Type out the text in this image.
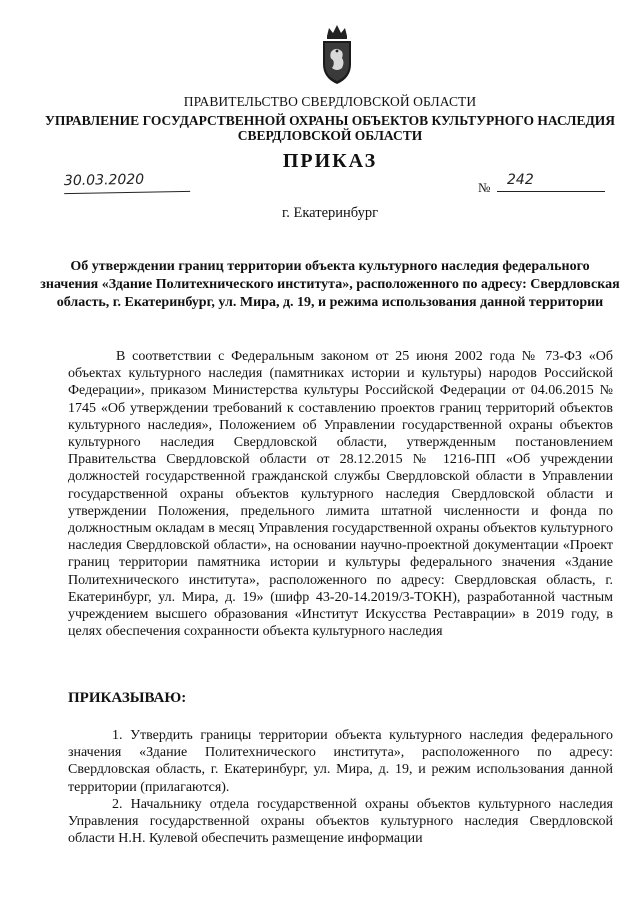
ПРАВИТЕЛЬСТВО СВЕРДЛОВСКОЙ ОБЛАСТИ
УПРАВЛЕНИЕ ГОСУДАРСТВЕННОЙ ОХРАНЫ ОБЪЕКТОВ КУЛЬТУРНОГО НАСЛЕДИЯ СВЕРДЛОВСКОЙ ОБЛАСТИ
ПРИКАЗ
30.03.2020	№	242
г. Екатеринбург
Об утверждении границ территории объекта культурного наследия федерального значения «Здание Политехнического института», расположенного по адресу: Свердловская область, г. Екатеринбург, ул. Мира, д. 19, и режима использования данной территории
В соответствии с Федеральным законом от 25 июня 2002 года № 73-ФЗ «Об объектах культурного наследия (памятниках истории и культуры) народов Российской Федерации», приказом Министерства культуры Российской Федерации от 04.06.2015 № 1745 «Об утверждении требований к составлению проектов границ территорий объектов культурного наследия», Положением об Управлении государственной охраны объектов культурного наследия Свердловской области, утвержденным постановлением Правительства Свердловской области от 28.12.2015 № 1216-ПП «Об учреждении должностей государственной гражданской службы Свердловской области в Управлении государственной охраны объектов культурного наследия Свердловской области и утверждении Положения, предельного лимита штатной численности и фонда по должностным окладам в месяц Управления государственной охраны объектов культурного наследия Свердловской области», на основании научно-проектной документации «Проект границ территории памятника истории и культуры федерального значения «Здание Политехнического института», расположенного по адресу: Свердловская область, г. Екатеринбург, ул. Мира, д. 19» (шифр 43-20-14.2019/3-ТОКН), разработанной частным учреждением высшего образования «Институт Искусства Реставрации» в 2019 году, в целях обеспечения сохранности объекта культурного наследия
ПРИКАЗЫВАЮ:
1. Утвердить границы территории объекта культурного наследия федерального значения «Здание Политехнического института», расположенного по адресу: Свердловская область, г. Екатеринбург, ул. Мира, д. 19, и режим использования данной территории (прилагаются).
2. Начальнику отдела государственной охраны объектов культурного наследия Управления государственной охраны объектов культурного наследия Свердловской области Н.Н. Кулевой обеспечить размещение информации
